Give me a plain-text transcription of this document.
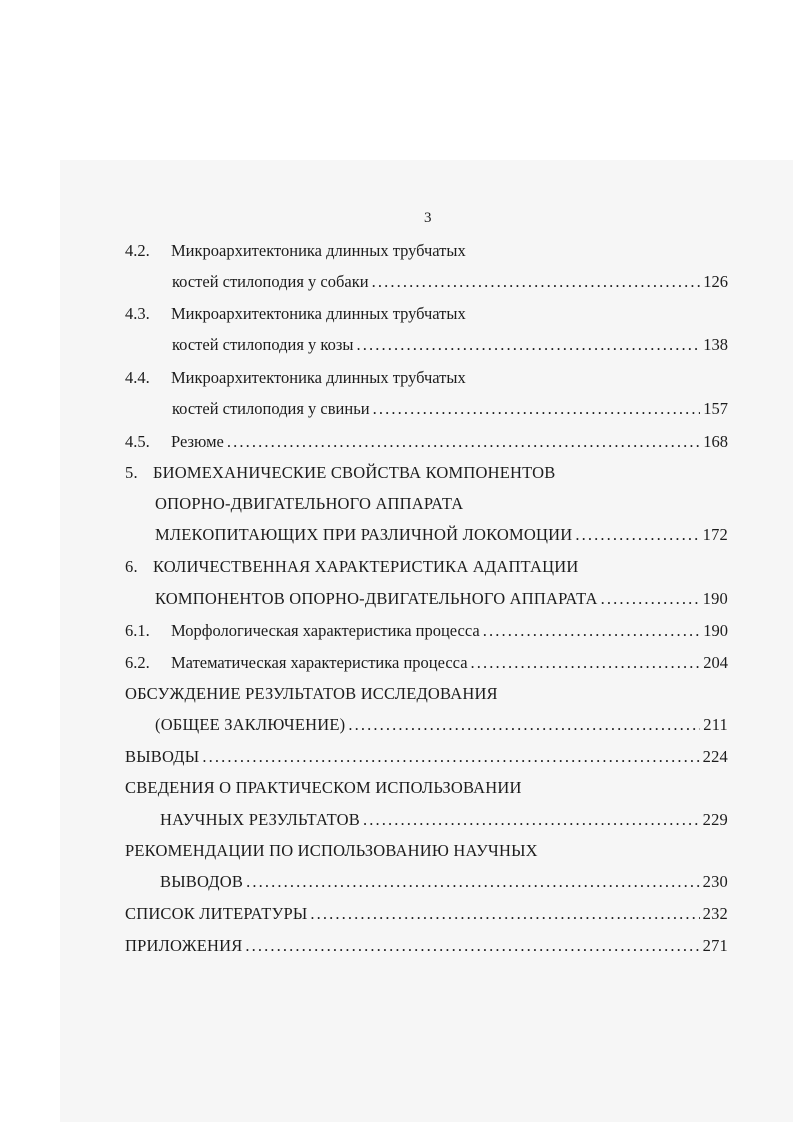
3
4.2. Микроархитектоника длинных трубчатых
костей стилоподия у собаки . . .	126
4.3. Микроархитектоника длинных трубчатых
костей стилоподия у козы . . .	138
4.4. Микроархитектоника длинных трубчатых
костей стилоподия у свиньи . . .	157
4.5.	Резюме . . .	168
5. БИОМЕХАНИЧЕСКИЕ СВОЙСТВА КОМПОНЕНТОВ
ОПОРНО-ДВИГАТЕЛЬНОГО АППАРАТА
МЛЕКОПИТАЮЩИХ ПРИ РАЗЛИЧНОЙ ЛОКОМОЦИИ . . .	172
6. КОЛИЧЕСТВЕННАЯ ХАРАКТЕРИСТИКА АДАПТАЦИИ
КОМПОНЕНТОВ ОПОРНО-ДВИГАТЕЛЬНОГО АППАРАТА . . .	190
6.1.	Морфологическая характеристика процесса . . .	190
6.2.	Математическая характеристика процесса . . .	204
ОБСУЖДЕНИЕ РЕЗУЛЬТАТОВ ИССЛЕДОВАНИЯ
(ОБЩЕЕ ЗАКЛЮЧЕНИЕ) . . .	211
ВЫВОДЫ . . .	224
СВЕДЕНИЯ О ПРАКТИЧЕСКОМ ИСПОЛЬЗОВАНИИ
НАУЧНЫХ РЕЗУЛЬТАТОВ . . .	229
РЕКОМЕНДАЦИИ ПО ИСПОЛЬЗОВАНИЮ НАУЧНЫХ
ВЫВОДОВ . . .	230
СПИСОК ЛИТЕРАТУРЫ . . .	232
ПРИЛОЖЕНИЯ . . .	271
